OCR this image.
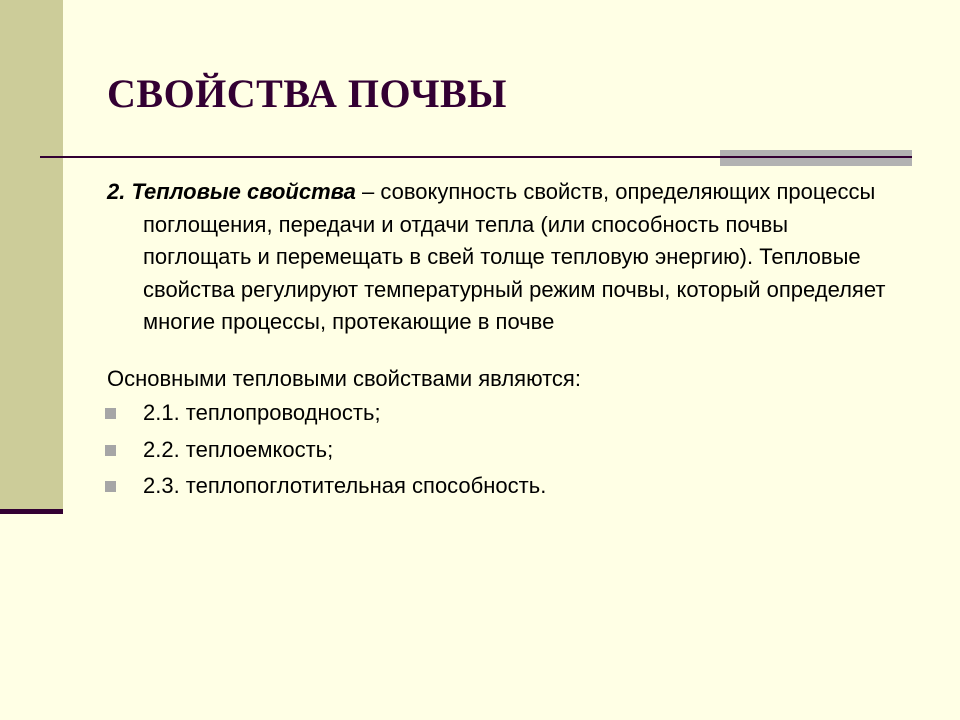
СВОЙСТВА ПОЧВЫ

2. Тепловые свойства – совокупность свойств, определяющих процессы поглощения, передачи и отдачи тепла (или способность почвы поглощать и перемещать в свей толще тепловую энергию). Тепловые свойства регулируют температурный режим почвы, который определяет многие процессы, протекающие в почве

Основными тепловыми свойствами являются:

2.1. теплопроводность;
2.2. теплоемкость;
2.3. теплопоглотительная способность.
